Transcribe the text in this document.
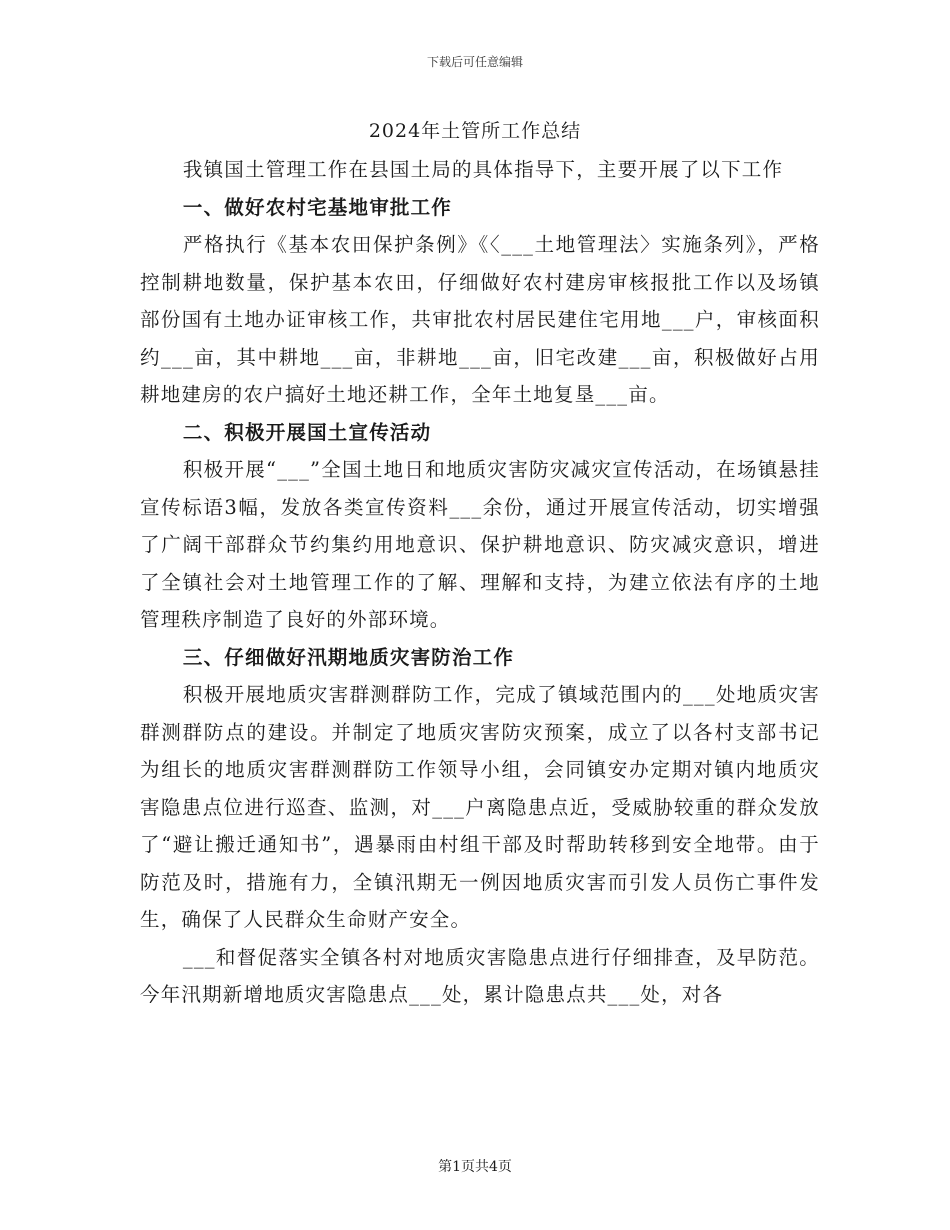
下载后可任意编辑
2024年土管所工作总结

我镇国土管理工作在县国土局的具体指导下，主要开展了以下工作

一、做好农村宅基地审批工作

严格执行《基本农田保护条例》《〈___土地管理法〉实施条列》，严格控制耕地数量，保护基本农田，仔细做好农村建房审核报批工作以及场镇部份国有土地办证审核工作，共审批农村居民建住宅用地___户，审核面积约___亩，其中耕地___亩，非耕地___亩，旧宅改建___亩，积极做好占用耕地建房的农户搞好土地还耕工作，全年土地复垦___亩。

二、积极开展国土宣传活动

积极开展“___”全国土地日和地质灾害防灾减灾宣传活动，在场镇悬挂宣传标语3幅，发放各类宣传资料___余份，通过开展宣传活动，切实增强了广阔干部群众节约集约用地意识、保护耕地意识、防灾减灾意识，增进了全镇社会对土地管理工作的了解、理解和支持，为建立依法有序的土地管理秩序制造了良好的外部环境。

三、仔细做好汛期地质灾害防治工作

积极开展地质灾害群测群防工作，完成了镇域范围内的___处地质灾害群测群防点的建设。并制定了地质灾害防灾预案，成立了以各村支部书记为组长的地质灾害群测群防工作领导小组，会同镇安办定期对镇内地质灾害隐患点位进行巡查、监测，对___户离隐患点近，受威胁较重的群众发放了“避让搬迁通知书”，遇暴雨由村组干部及时帮助转移到安全地带。由于防范及时，措施有力，全镇汛期无一例因地质灾害而引发人员伤亡事件发生，确保了人民群众生命财产安全。

___和督促落实全镇各村对地质灾害隐患点进行仔细排查，及早防范。今年汛期新增地质灾害隐患点___处，累计隐患点共___处，对各

第1页共4页
